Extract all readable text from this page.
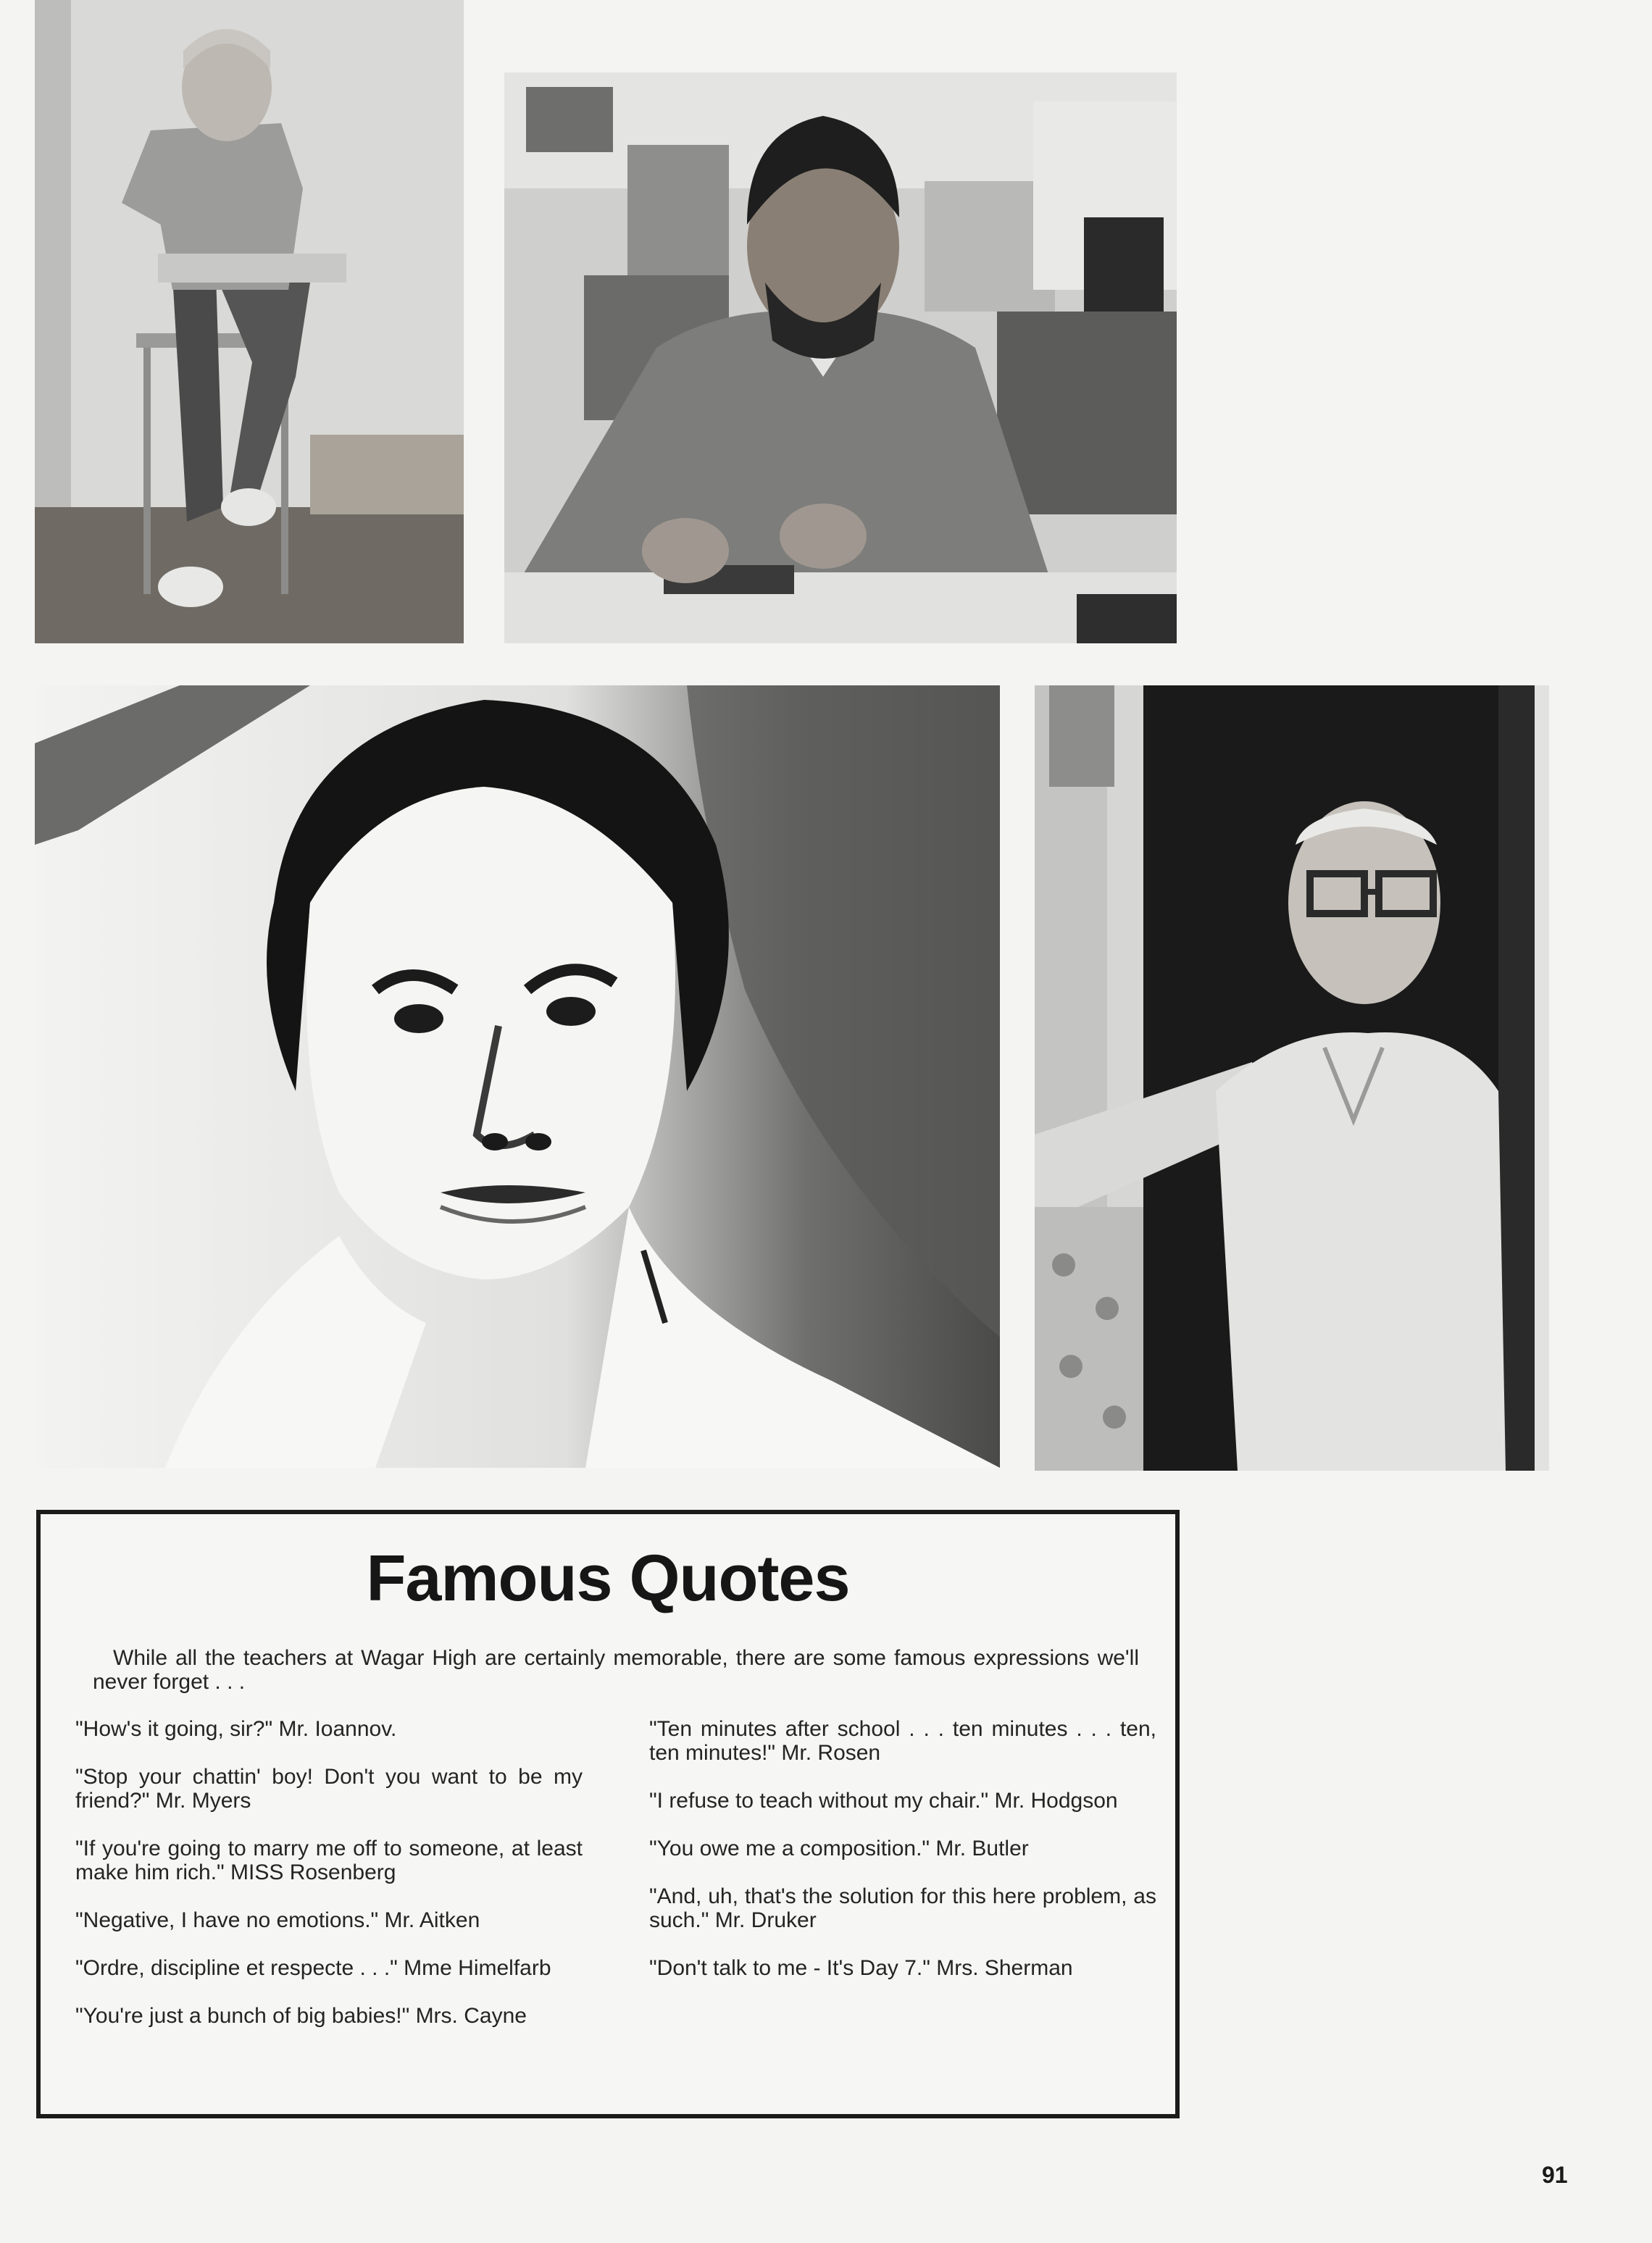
Famous Quotes

While all the teachers at Wagar High are certainly memorable, there are some famous expressions we'll never forget . . .

"How's it going, sir?" Mr. Ioannov.

"Stop your chattin' boy! Don't you want to be my friend?" Mr. Myers

"If you're going to marry me off to someone, at least make him rich." MISS Rosenberg

"Negative, I have no emotions." Mr. Aitken

"Ordre, discipline et respecte . . ." Mme Himelfarb

"You're just a bunch of big babies!" Mrs. Cayne

"Ten minutes after school . . . ten minutes . . . ten, ten minutes!" Mr. Rosen

"I refuse to teach without my chair." Mr. Hodgson

"You owe me a composition." Mr. Butler

"And, uh, that's the solution for this here problem, as such." Mr. Druker

"Don't talk to me - It's Day 7." Mrs. Sherman

91
